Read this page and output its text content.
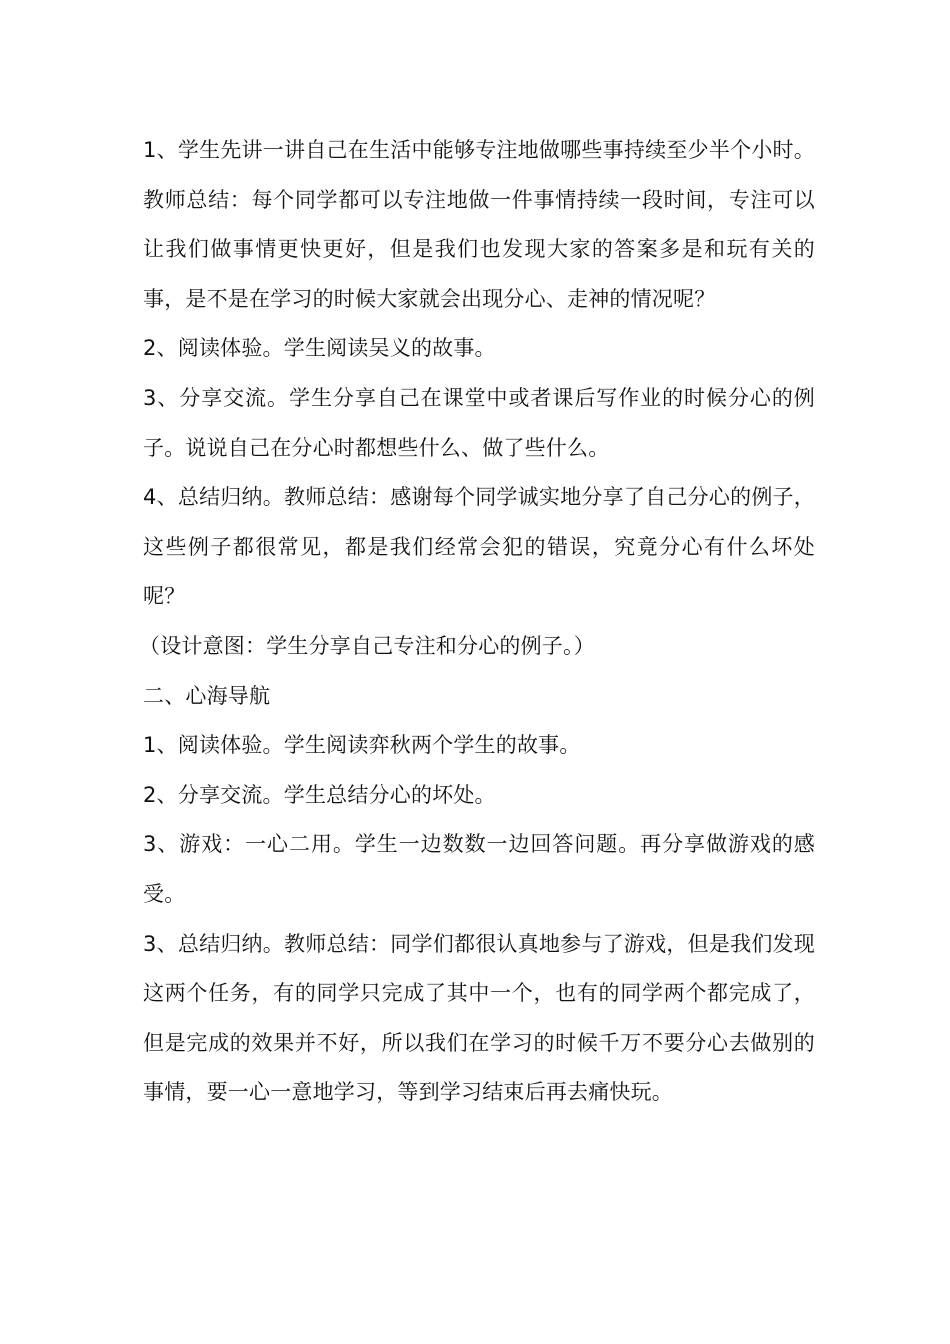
1、学生先讲一讲自己在生活中能够专注地做哪些事持续至少半个小时。教师总结：每个同学都可以专注地做一件事情持续一段时间，专注可以让我们做事情更快更好，但是我们也发现大家的答案多是和玩有关的事，是不是在学习的时候大家就会出现分心、走神的情况呢？

2、阅读体验。学生阅读吴义的故事。

3、分享交流。学生分享自己在课堂中或者课后写作业的时候分心的例子。说说自己在分心时都想些什么、做了些什么。

4、总结归纳。教师总结：感谢每个同学诚实地分享了自己分心的例子，这些例子都很常见，都是我们经常会犯的错误，究竟分心有什么坏处呢？

（设计意图：学生分享自己专注和分心的例子。）

二、心海导航

1、阅读体验。学生阅读弈秋两个学生的故事。

2、分享交流。学生总结分心的坏处。

3、游戏：一心二用。学生一边数数一边回答问题。再分享做游戏的感受。

3、总结归纳。教师总结：同学们都很认真地参与了游戏，但是我们发现这两个任务，有的同学只完成了其中一个，也有的同学两个都完成了，但是完成的效果并不好，所以我们在学习的时候千万不要分心去做别的事情，要一心一意地学习，等到学习结束后再去痛快玩。
